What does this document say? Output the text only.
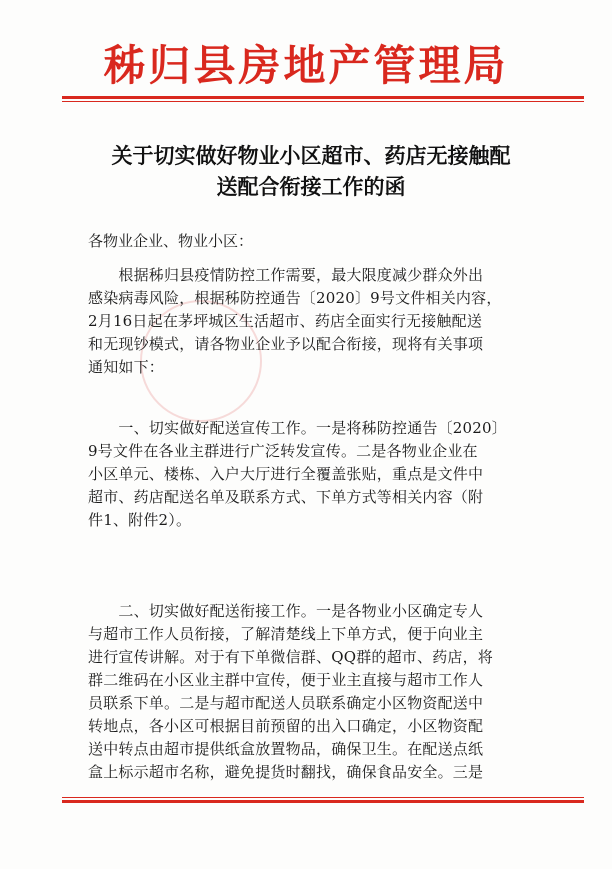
秭归县房地产管理局
关于切实做好物业小区超市、药店无接触配
送配合衔接工作的函
各物业企业、物业小区：
　　根据秭归县疫情防控工作需要，最大限度减少群众外出
感染病毒风险，根据秭防控通告〔2020〕9号文件相关内容，
2月16日起在茅坪城区生活超市、药店全面实行无接触配送
和无现钞模式，请各物业企业予以配合衔接，现将有关事项
通知如下：
　　一、切实做好配送宣传工作。一是将秭防控通告〔2020〕
9号文件在各业主群进行广泛转发宣传。二是各物业企业在
小区单元、楼栋、入户大厅进行全覆盖张贴，重点是文件中
超市、药店配送名单及联系方式、下单方式等相关内容（附
件1、附件2）。
　　二、切实做好配送衔接工作。一是各物业小区确定专人
与超市工作人员衔接，了解清楚线上下单方式，便于向业主
进行宣传讲解。对于有下单微信群、QQ群的超市、药店，将
群二维码在小区业主群中宣传，便于业主直接与超市工作人
员联系下单。二是与超市配送人员联系确定小区物资配送中
转地点，各小区可根据目前预留的出入口确定，小区物资配
送中转点由超市提供纸盒放置物品，确保卫生。在配送点纸
盒上标示超市名称，避免提货时翻找，确保食品安全。三是
